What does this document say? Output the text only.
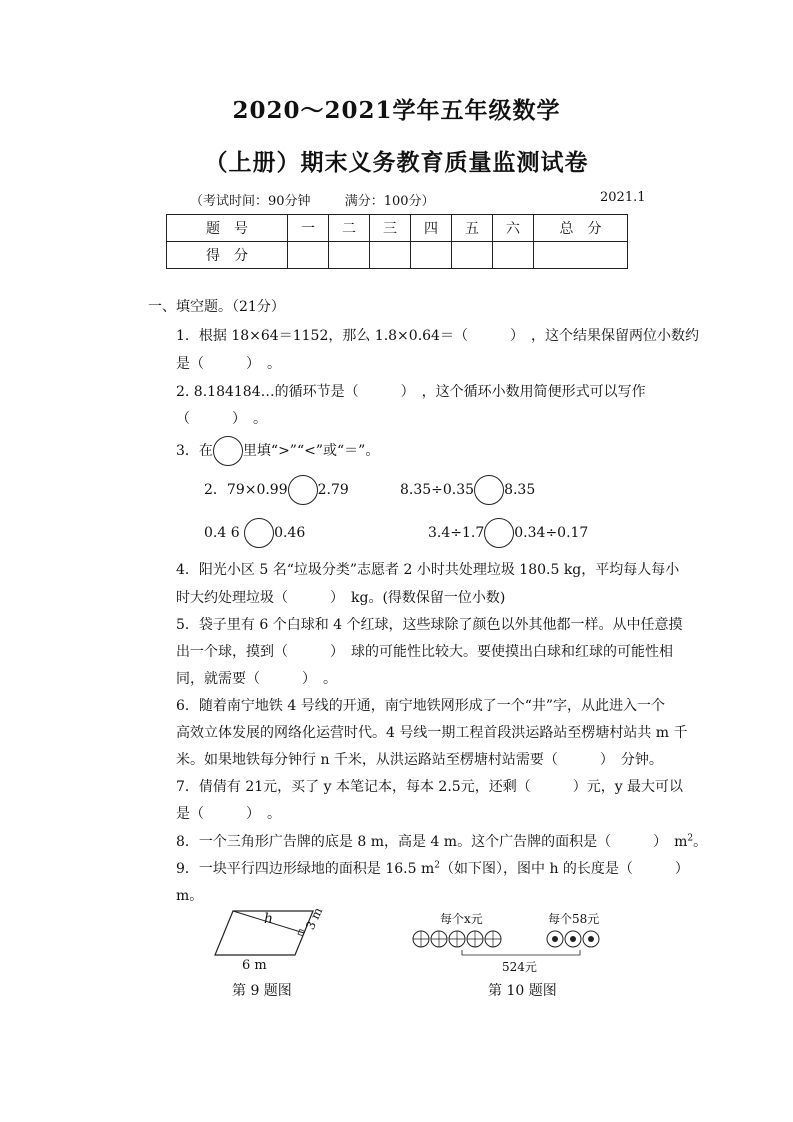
2020～2021学年五年级数学
（上册）期末义务教育质量监测试卷
（考试时间：90分钟	满分：100分）	2021.1
题　号	一	二	三	四	五	六	总　分
得　分							
一、填空题。（21分）
1．根据 18×64＝1152，那么 1.8×0.64＝（　　　）　，这个结果保留两位小数约
是（　　　）　。
2. 8.184184…的循环节是（　　　）　，这个循环小数用简便形式可以写作
（　　　）　。
3．在 里填“>”“<”或“＝”。
2．79×0.99 2.79	8.35÷0.35 8.35
0.4 6 0.46	3.4÷1.7 0.34÷0.17
4．阳光小区 5 名“垃圾分类”志愿者 2 小时共处理垃圾 180.5 kg，平均每人每小
时大约处理垃圾（　　　）　kg。(得数保留一位小数)
5．袋子里有 6 个白球和 4 个红球，这些球除了颜色以外其他都一样。从中任意摸
出一个球，摸到（　　　）　球的可能性比较大。要使摸出白球和红球的可能性相
同，就需要（　　　）　。
6．随着南宁地铁 4 号线的开通，南宁地铁网形成了一个“井”字，从此进入一个
高效立体发展的网络化运营时代。4 号线一期工程首段洪运路站至楞塘村站共 m 千
米。如果地铁每分钟行 n 千米，从洪运路站至楞塘村站需要（　　　）　分钟。
7．倩倩有 21元，买了 y 本笔记本，每本 2.5元，还剩（　　　）元，y 最大可以
是（　　　）　。
8．一个三角形广告牌的底是 8 m，高是 4 m。这个广告牌的面积是（　　　）　$m^2$。
9．一块平行四边形绿地的面积是 16.5 $m^2$（如下图），图中 h 的长度是（　　　）
m。
h 3 m
6 m
第 9 题图
每个x元	每个58元
524元
第 10 题图
